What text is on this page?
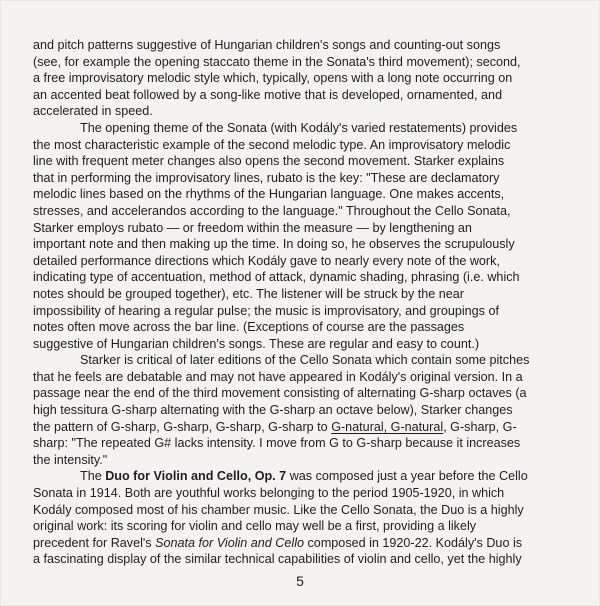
and pitch patterns suggestive of Hungarian children's songs and counting-out songs
(see, for example the opening staccato theme in the Sonata's third movement); second,
a free improvisatory melodic style which, typically, opens with a long note occurring on
an accented beat followed by a song-like motive that is developed, ornamented, and
accelerated in speed.
The opening theme of the Sonata (with Kodály's varied restatements) provides
the most characteristic example of the second melodic type. An improvisatory melodic
line with frequent meter changes also opens the second movement. Starker explains
that in performing the improvisatory lines, rubato is the key: "These are declamatory
melodic lines based on the rhythms of the Hungarian language. One makes accents,
stresses, and accelerandos according to the language." Throughout the Cello Sonata,
Starker employs rubato — or freedom within the measure — by lengthening an
important note and then making up the time. In doing so, he observes the scrupulously
detailed performance directions which Kodály gave to nearly every note of the work,
indicating type of accentuation, method of attack, dynamic shading, phrasing (i.e. which
notes should be grouped together), etc. The listener will be struck by the near
impossibility of hearing a regular pulse; the music is improvisatory, and groupings of
notes often move across the bar line. (Exceptions of course are the passages
suggestive of Hungarian children's songs. These are regular and easy to count.)
Starker is critical of later editions of the Cello Sonata which contain some pitches
that he feels are debatable and may not have appeared in Kodály's original version. In a
passage near the end of the third movement consisting of alternating G-sharp octaves (a
high tessitura G-sharp alternating with the G-sharp an octave below), Starker changes
the pattern of G-sharp, G-sharp, G-sharp, G-sharp to G-natural, G-natural, G-sharp, G-
sharp: "The repeated G# lacks intensity. I move from G to G-sharp because it increases
the intensity."
The Duo for Violin and Cello, Op. 7 was composed just a year before the Cello
Sonata in 1914. Both are youthful works belonging to the period 1905-1920, in which
Kodály composed most of his chamber music. Like the Cello Sonata, the Duo is a highly
original work: its scoring for violin and cello may well be a first, providing a likely
precedent for Ravel's Sonata for Violin and Cello composed in 1920-22. Kodály's Duo is
a fascinating display of the similar technical capabilities of violin and cello, yet the highly
5
